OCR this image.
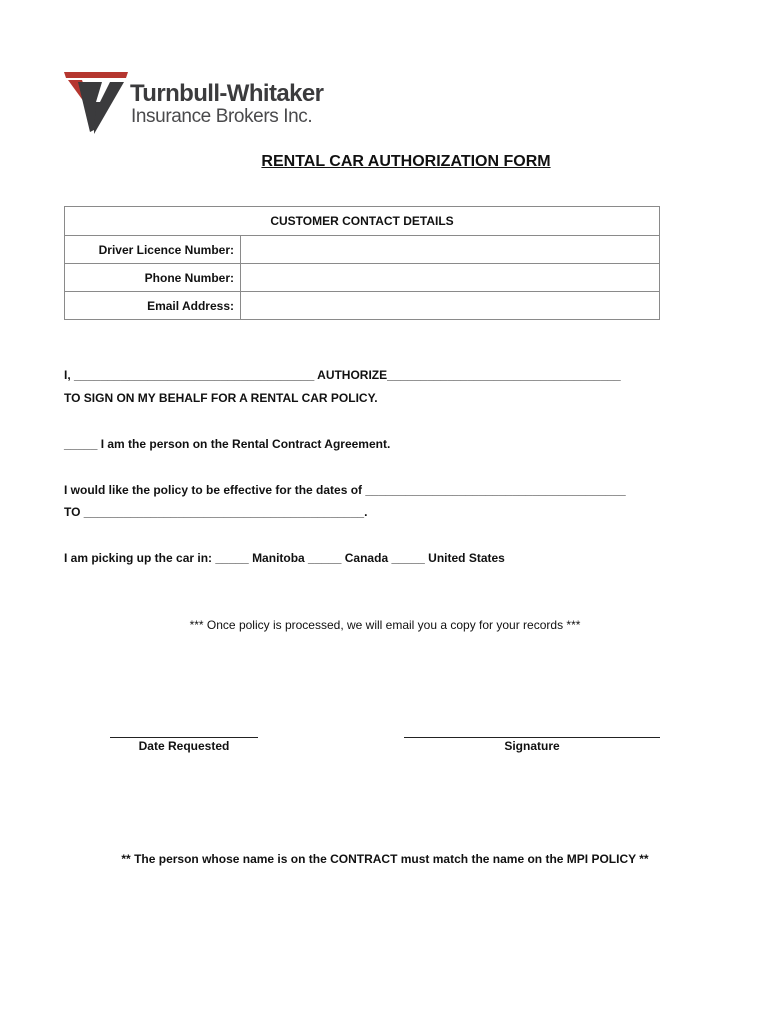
Turnbull-Whitaker
Insurance Brokers Inc.
RENTAL CAR AUTHORIZATION FORM
CUSTOMER CONTACT DETAILS	
Driver Licence Number:	
Phone Number:	
Email Address:	
I, ____________________________________ AUTHORIZE___________________________________
TO SIGN ON MY BEHALF FOR A RENTAL CAR POLICY.
_____ I am the person on the Rental Contract Agreement.
I would like the policy to be effective for the dates of _______________________________________
TO __________________________________________.
I am picking up the car in: _____ Manitoba _____ Canada _____ United States
*** Once policy is processed, we will email you a copy for your records ***
Date Requested	Signature
** The person whose name is on the CONTRACT must match the name on the MPI POLICY **
